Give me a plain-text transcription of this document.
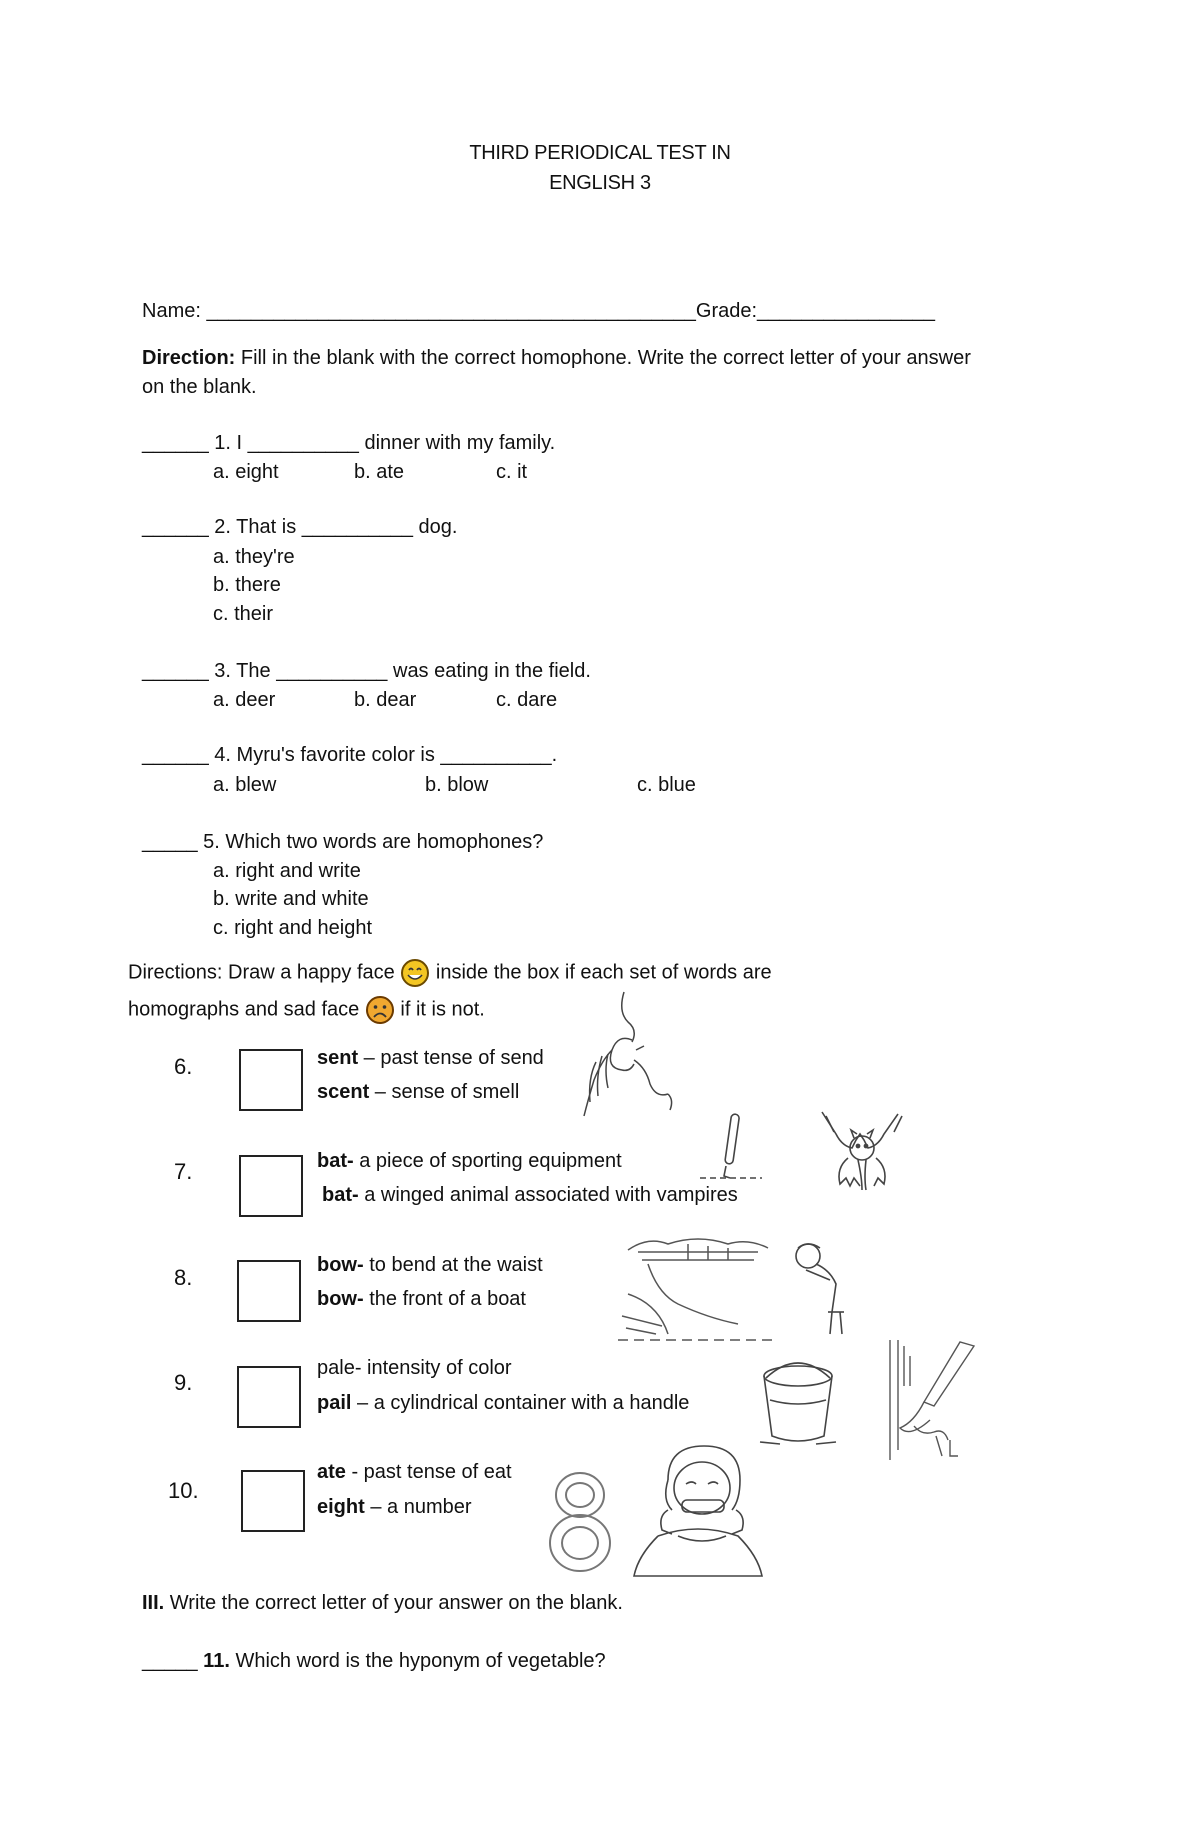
THIRD PERIODICAL TEST IN
ENGLISH 3
Name: ____________________________________________Grade:________________
Direction: Fill in the blank with the correct homophone. Write the correct letter of your answer
on the blank.
______ 1. I __________ dinner with my family.
a. eight	b. ate	c. it
______ 2. That is __________ dog.
a. they're
b. there
c. their
______ 3. The __________ was eating in the field.
a. deer	b. dear	c. dare
______ 4. Myru's favorite color is __________.
a. blew	b. blow	c. blue
_____ 5. Which two words are homophones?
a. right and write
b. write and white
c. right and height
Directions: Draw a happy face  inside the box if each set of words are
homographs and sad face  if it is not.
6.	sent – past tense of send
scent – sense of smell
7.	bat- a piece of sporting equipment
bat- a winged animal associated with vampires
8.	bow- to bend at the waist
bow- the front of a boat
9.
pale- intensity of color
pail – a cylindrical container with a handle
10.
ate - past tense of eat
eight – a number
III. Write the correct letter of your answer on the blank.
_____ 11. Which word is the hyponym of vegetable?
